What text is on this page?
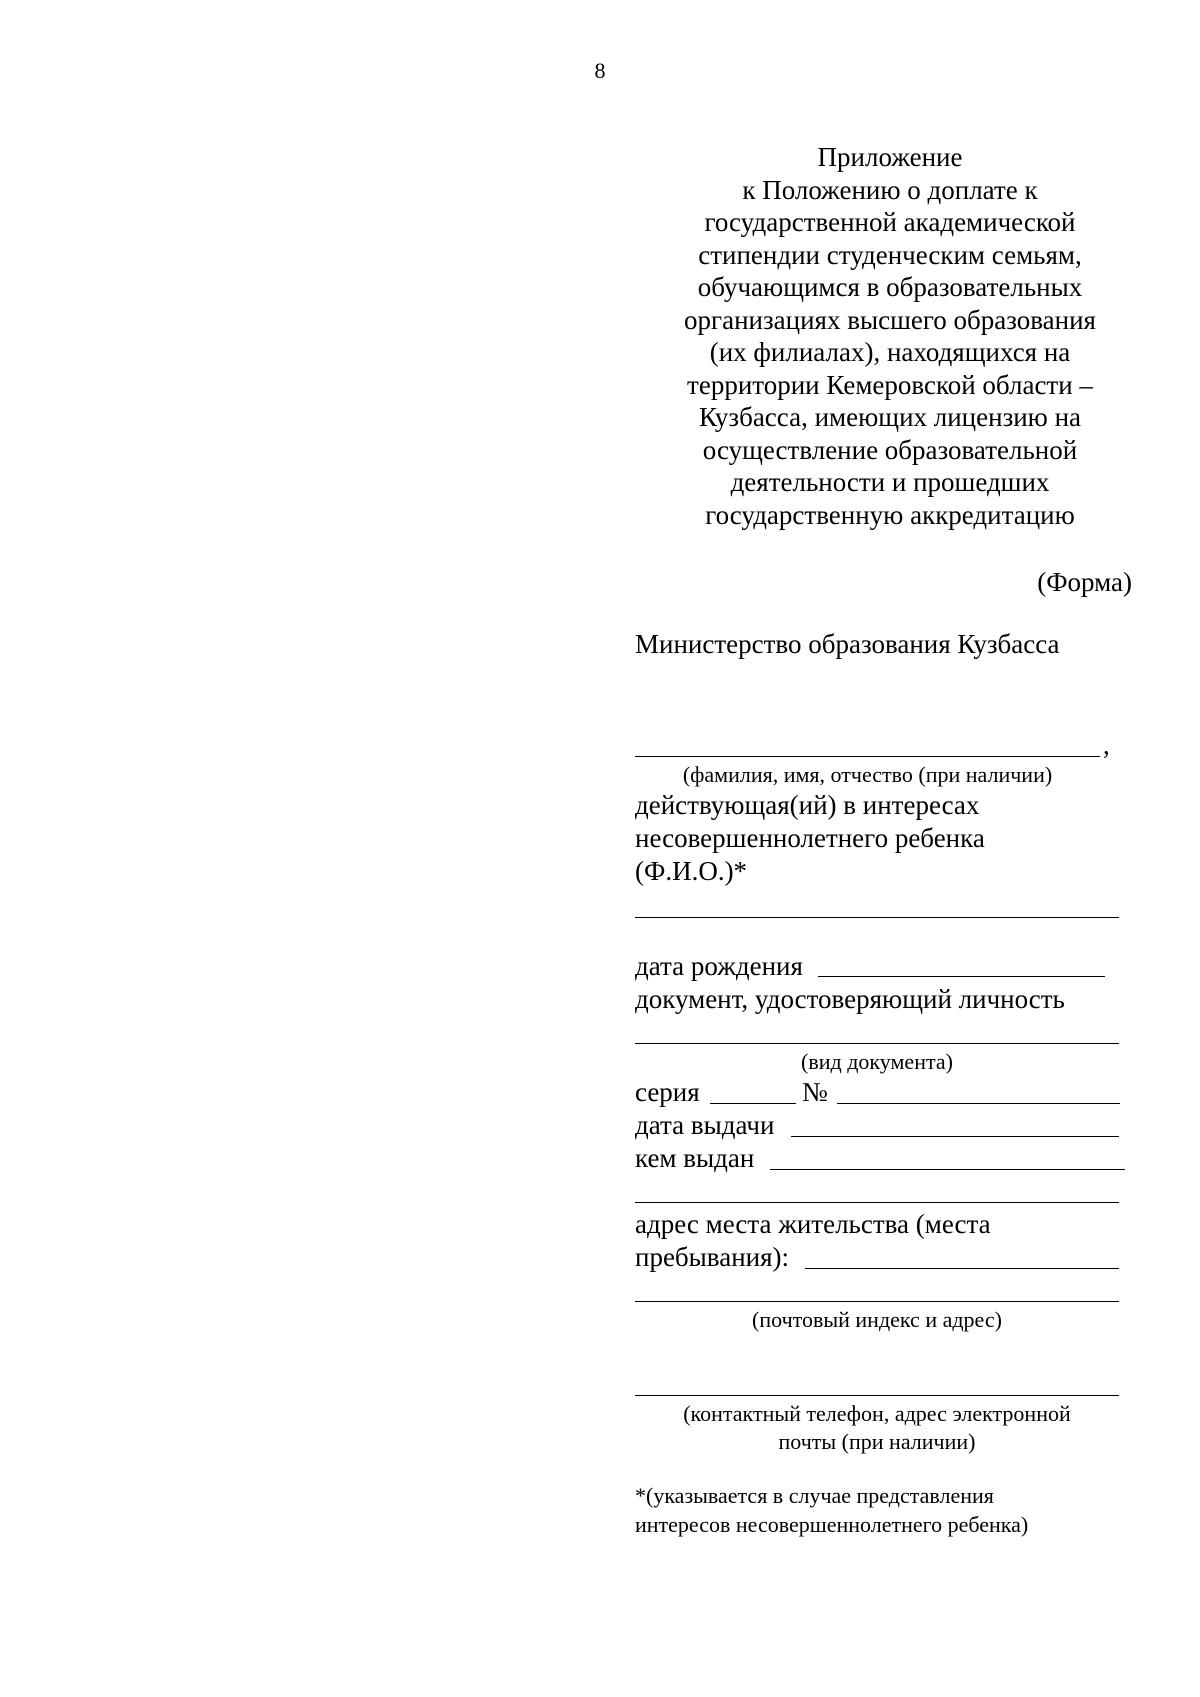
8
Приложение
к Положению о доплате к
государственной академической
стипендии студенческим семьям,
обучающимся в образовательных
организациях высшего образования
(их филиалах), находящихся на
территории Кемеровской области –
Кузбасса, имеющих лицензию на
осуществление образовательной
деятельности и прошедших
государственную аккредитацию
(Форма)
Министерство образования Кузбасса
,
(фамилия, имя, отчество (при наличии)
действующая(ий) в интересах
несовершеннолетнего ребенка
(Ф.И.О.)*
дата рождения
документ, удостоверяющий личность
(вид документа)
серия	№
дата выдачи
кем выдан
адрес места жительства (места
пребывания):
(почтовый индекс и адрес)
(контактный телефон, адрес электронной
почты (при наличии)
*(указывается в случае представления
интересов несовершеннолетнего ребенка)
